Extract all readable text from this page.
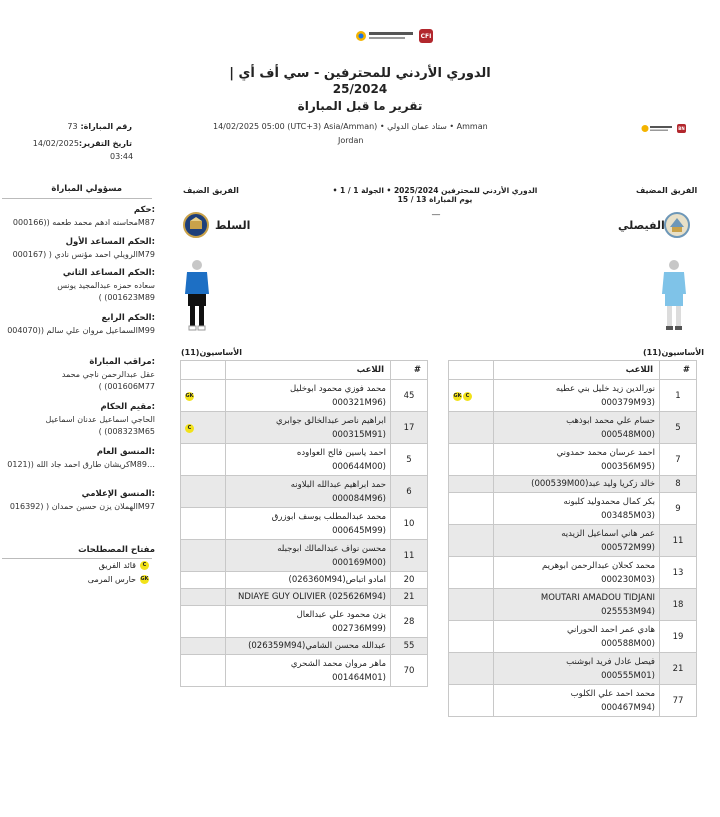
CFI
الدوري الأردني للمحترفين - سي أف أي |
25/2024
تقرير ما قبل المباراة
رقم المباراة: 73
تاريخ التقرير:14/02/2025
03:44
14/02/2025 05:00 (UTC+3) Asia/Amman) • ستاد عمان الدولي • Amman
Jordan
BN
مسؤولي المباراة
حكم:
محاسنه ادهم محمد طعمه ((000166M87
الحكم المساعد الأول:
الرويلي احمد مؤنس نادي ( (000167M79
الحكم المساعد الثاني:
سعاده حمزه عبدالمجيد يونس
( (001623M89
الحكم الرابع:
السماعيل مروان علي سالم ((004070M99
مراقب المباراة:
عقل عبدالرحمن ناجي محمد
( (001606M77
مقيم الحكام:
الحاجي اسماعيل عدنان اسماعيل
( (008323M65
المنسق العام:
كريشان طارق احمد جاد الله ((0121M89…
المنسق الإعلامي:
الهملان يزن حسين حمدان ( (016392M97
مفتاح المصطلحات
C
قائد الفريق
GK
حارس المرمى
الفريق المضيف
الفريق الضيف	الدوري الأردني للمحترفين 2025/2024 • الجولة 1 / 1 • يوم المباراة 13 / 15
__
الفيصلي
السلط
الأساسيون(11)
الأساسيون(11)
#	اللاعب	
1	نورالدين زيد خليل بني عطيه
(000379M93	CGK
5	حسام علي محمد ابوذهب
(000548M00	

7	احمد عرسان محمد حمدوني
(000356M95	

8	خالد زكريا وليد عبد(000539M00)	

9	بكر كمال محمدوليد كلبونه
(003485M03	

11	عمر هاني اسماعيل الزيديه
(000572M99	

13	محمد كحلان عبدالرحمن ابوهريم
(000230M03	

18	MOUTARI AMADOU TIDJANI
(025553M94	

19	هادي عمر احمد الحوراني
(000588M00	

21	فيصل عادل فريد ابوشنب
(000555M01	

77	محمد احمد علي الكلوب
(000467M94	

#	اللاعب	
45	محمد فوزي محمود ابوخليل
(000321M96	GK
17	ابراهيم ناصر عبدالخالق جوابري
(000315M91	C
5	احمد ياسين فالح العواوده
(000644M00	

6	حمد ابراهيم عبدالله البلاونه
(000084M96	

10	محمد عبدالمطلب يوسف ابوزرق
(000645M99	

11	محسن نواف عبدالمالك ابوجبله
(000169M00	

20	امادو اتباص(026360M94)	

21	NDIAYE GUY OLIVIER (025626M94)	

28	يزن محمود علي عبدالعال
(002736M99	

55	عبدالله محسن الشامي(026359M94)	

70	ماهر مروان محمد الشحري
(001464M01	
